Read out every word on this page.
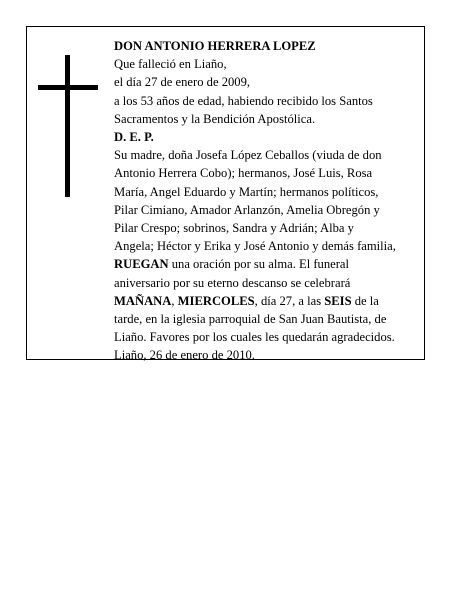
DON ANTONIO HERRERA LOPEZ
Que falleció en Liaño,
el día 27 de enero de 2009,
a los 53 años de edad, habiendo recibido los Santos
Sacramentos y la Bendición Apostólica.
D. E. P.
Su madre, doña Josefa López Ceballos (viuda de don
Antonio Herrera Cobo); hermanos, José Luis, Rosa
María, Angel Eduardo y Martín; hermanos políticos,
Pilar Cimiano, Amador Arlanzón, Amelia Obregón y
Pilar Crespo; sobrinos, Sandra y Adrián; Alba y
Angela; Héctor y Erika y José Antonio y demás familia,
RUEGAN una oración por su alma. El funeral
aniversario por su eterno descanso se celebrará
MAÑANA, MIERCOLES, día 27, a las SEIS de la
tarde, en la iglesia parroquial de San Juan Bautista, de
Liaño. Favores por los cuales les quedarán agradecidos.
Liaño, 26 de enero de 2010.
